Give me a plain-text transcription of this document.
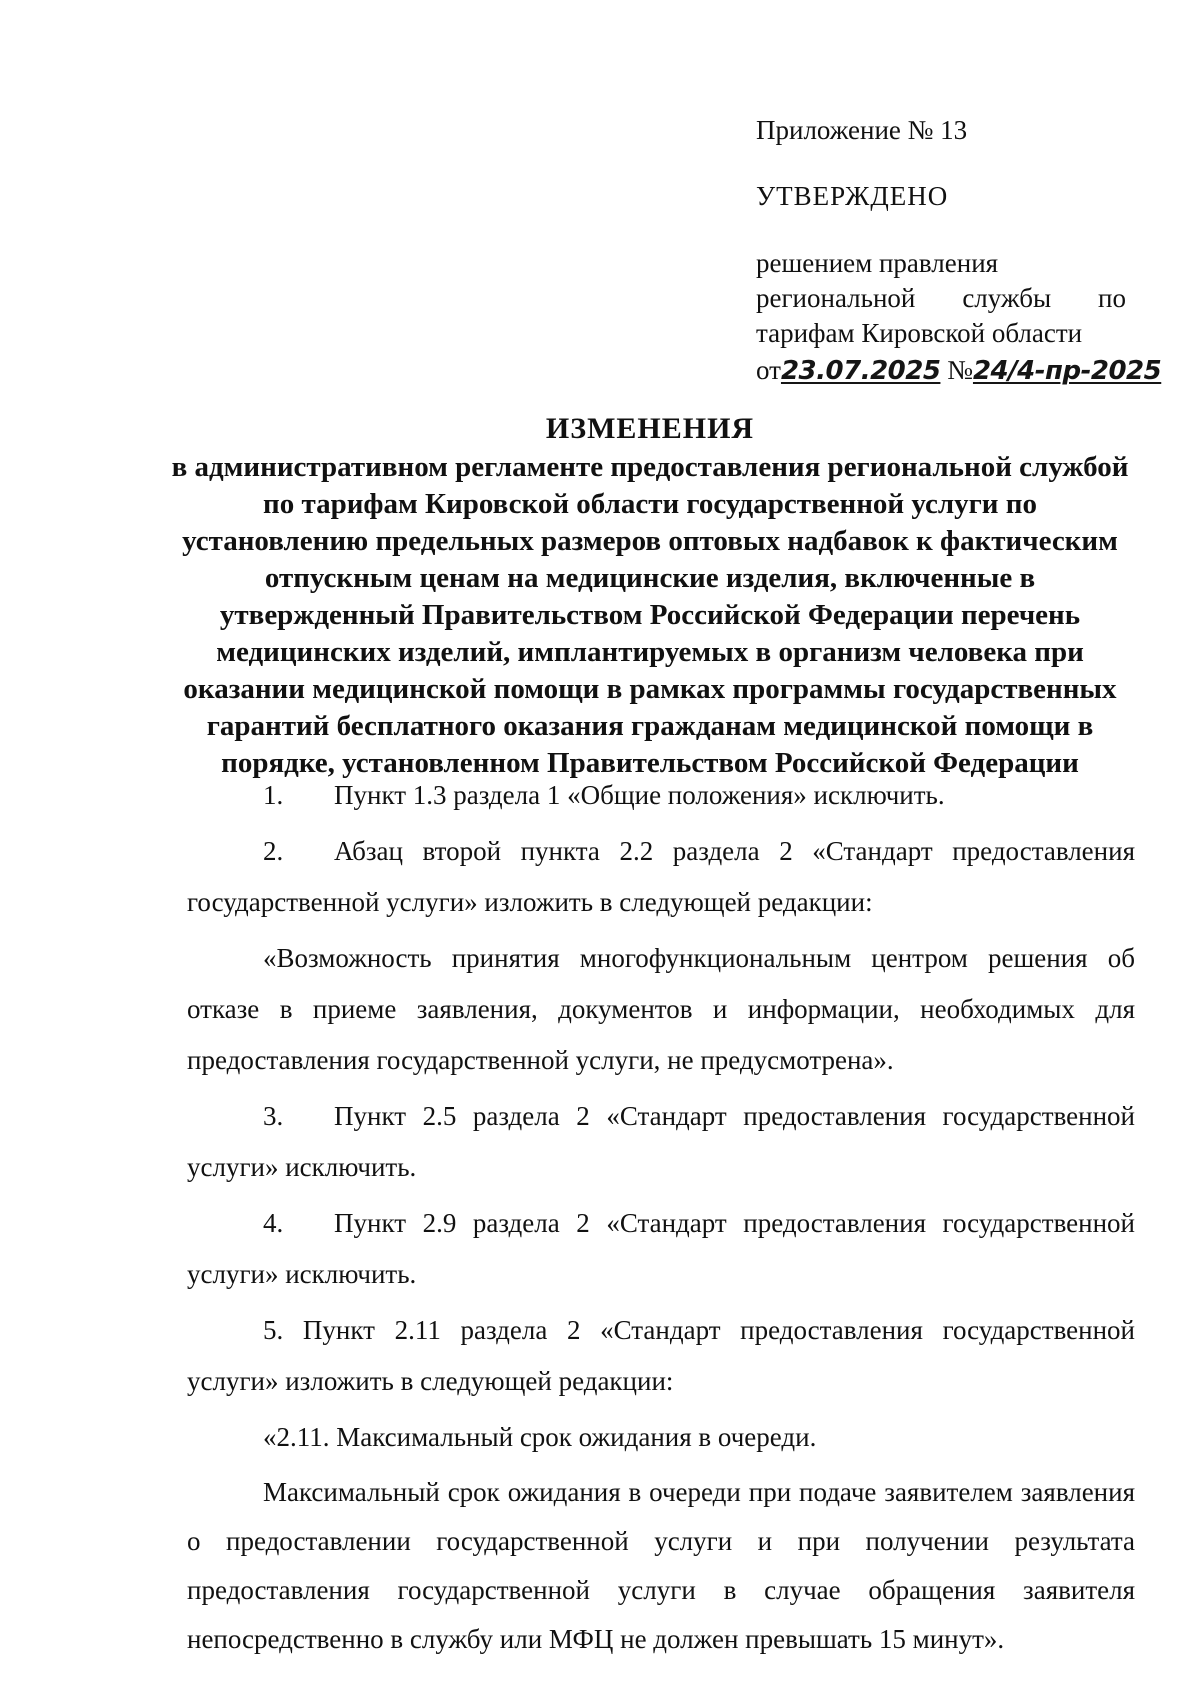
Приложение № 13
УТВЕРЖДЕНО
решением правления
региональной службы по
тарифам Кировской области
от23.07.2025 №24/4-пр-2025
ИЗМЕНЕНИЯ
в административном регламенте предоставления региональной службой
по тарифам Кировской области государственной услуги по
установлению предельных размеров оптовых надбавок к фактическим
отпускным ценам на медицинские изделия, включенные в
утвержденный Правительством Российской Федерации перечень
медицинских изделий, имплантируемых в организм человека при
оказании медицинской помощи в рамках программы государственных
гарантий бесплатного оказания гражданам медицинской помощи в
порядке, установленном Правительством Российской Федерации

1. Пункт 1.3 раздела 1 «Общие положения» исключить.

2. Абзац второй пункта 2.2 раздела 2 «Стандарт предоставления государственной услуги» изложить в следующей редакции:

«Возможность принятия многофункциональным центром решения об отказе в приеме заявления, документов и информации, необходимых для предоставления государственной услуги, не предусмотрена».

3. Пункт 2.5 раздела 2 «Стандарт предоставления государственной услуги» исключить.

4. Пункт 2.9 раздела 2 «Стандарт предоставления государственной услуги» исключить.

5. Пункт 2.11 раздела 2 «Стандарт предоставления государственной услуги» изложить в следующей редакции:

«2.11. Максимальный срок ожидания в очереди.

Максимальный срок ожидания в очереди при подаче заявителем заявления о предоставлении государственной услуги и при получении результата предоставления государственной услуги в случае обращения заявителя непосредственно в службу или МФЦ не должен превышать 15 минут».
